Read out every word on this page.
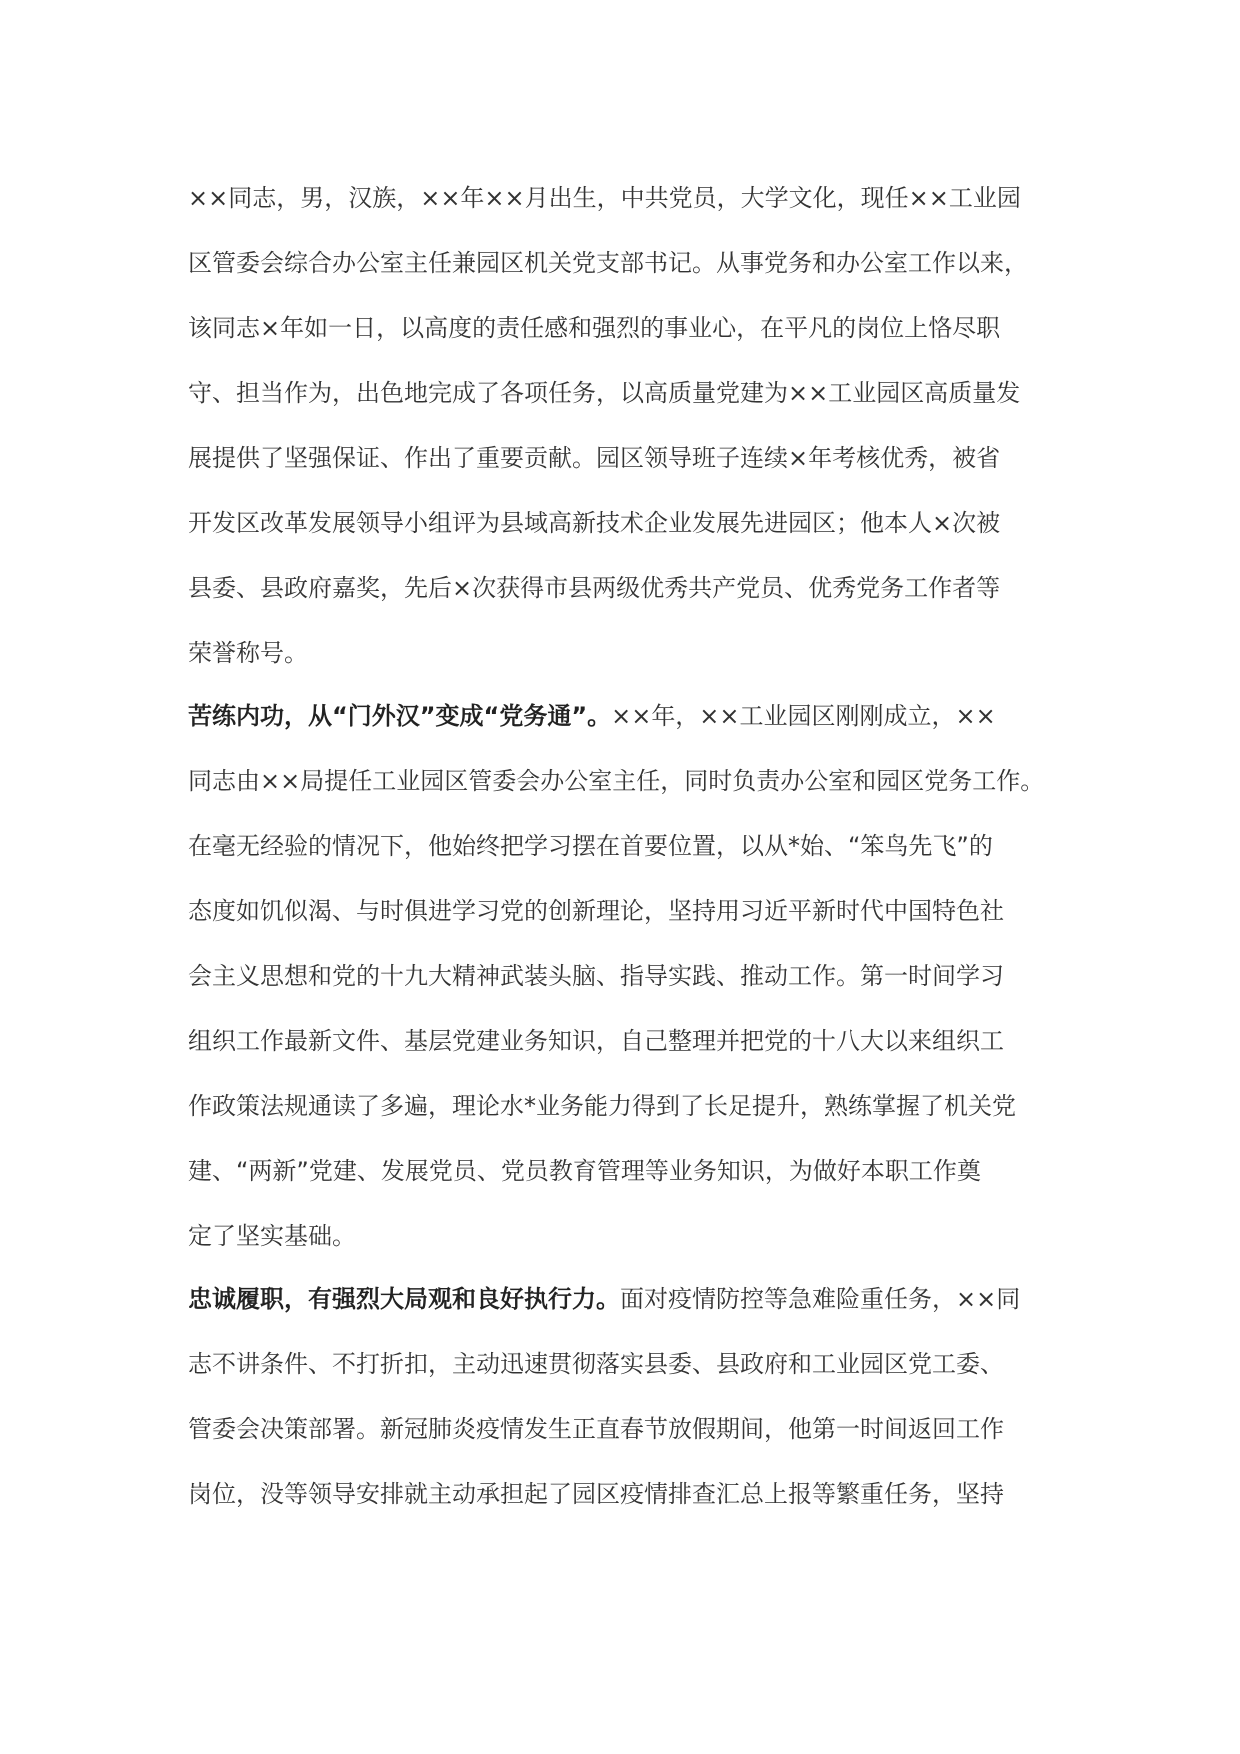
××同志，男，汉族，××年××月出生，中共党员，大学文化，现任××工业园
区管委会综合办公室主任兼园区机关党支部书记。从事党务和办公室工作以来，
该同志×年如一日，以高度的责任感和强烈的事业心，在平凡的岗位上恪尽职
守、担当作为，出色地完成了各项任务，以高质量党建为××工业园区高质量发
展提供了坚强保证、作出了重要贡献。园区领导班子连续×年考核优秀，被省
开发区改革发展领导小组评为县域高新技术企业发展先进园区；他本人×次被
县委、县政府嘉奖，先后×次获得市县两级优秀共产党员、优秀党务工作者等
荣誉称号。
苦练内功，从“门外汉”变成“党务通”。××年，××工业园区刚刚成立，××
同志由××局提任工业园区管委会办公室主任，同时负责办公室和园区党务工作。
在毫无经验的情况下，他始终把学习摆在首要位置，以从*始、“笨鸟先飞”的
态度如饥似渴、与时俱进学习党的创新理论，坚持用习近平新时代中国特色社
会主义思想和党的十九大精神武装头脑、指导实践、推动工作。第一时间学习
组织工作最新文件、基层党建业务知识，自己整理并把党的十八大以来组织工
作政策法规通读了多遍，理论水*业务能力得到了长足提升，熟练掌握了机关党
建、“两新”党建、发展党员、党员教育管理等业务知识，为做好本职工作奠
定了坚实基础。
忠诚履职，有强烈大局观和良好执行力。面对疫情防控等急难险重任务，××同
志不讲条件、不打折扣，主动迅速贯彻落实县委、县政府和工业园区党工委、
管委会决策部署。新冠肺炎疫情发生正直春节放假期间，他第一时间返回工作
岗位，没等领导安排就主动承担起了园区疫情排查汇总上报等繁重任务，坚持
